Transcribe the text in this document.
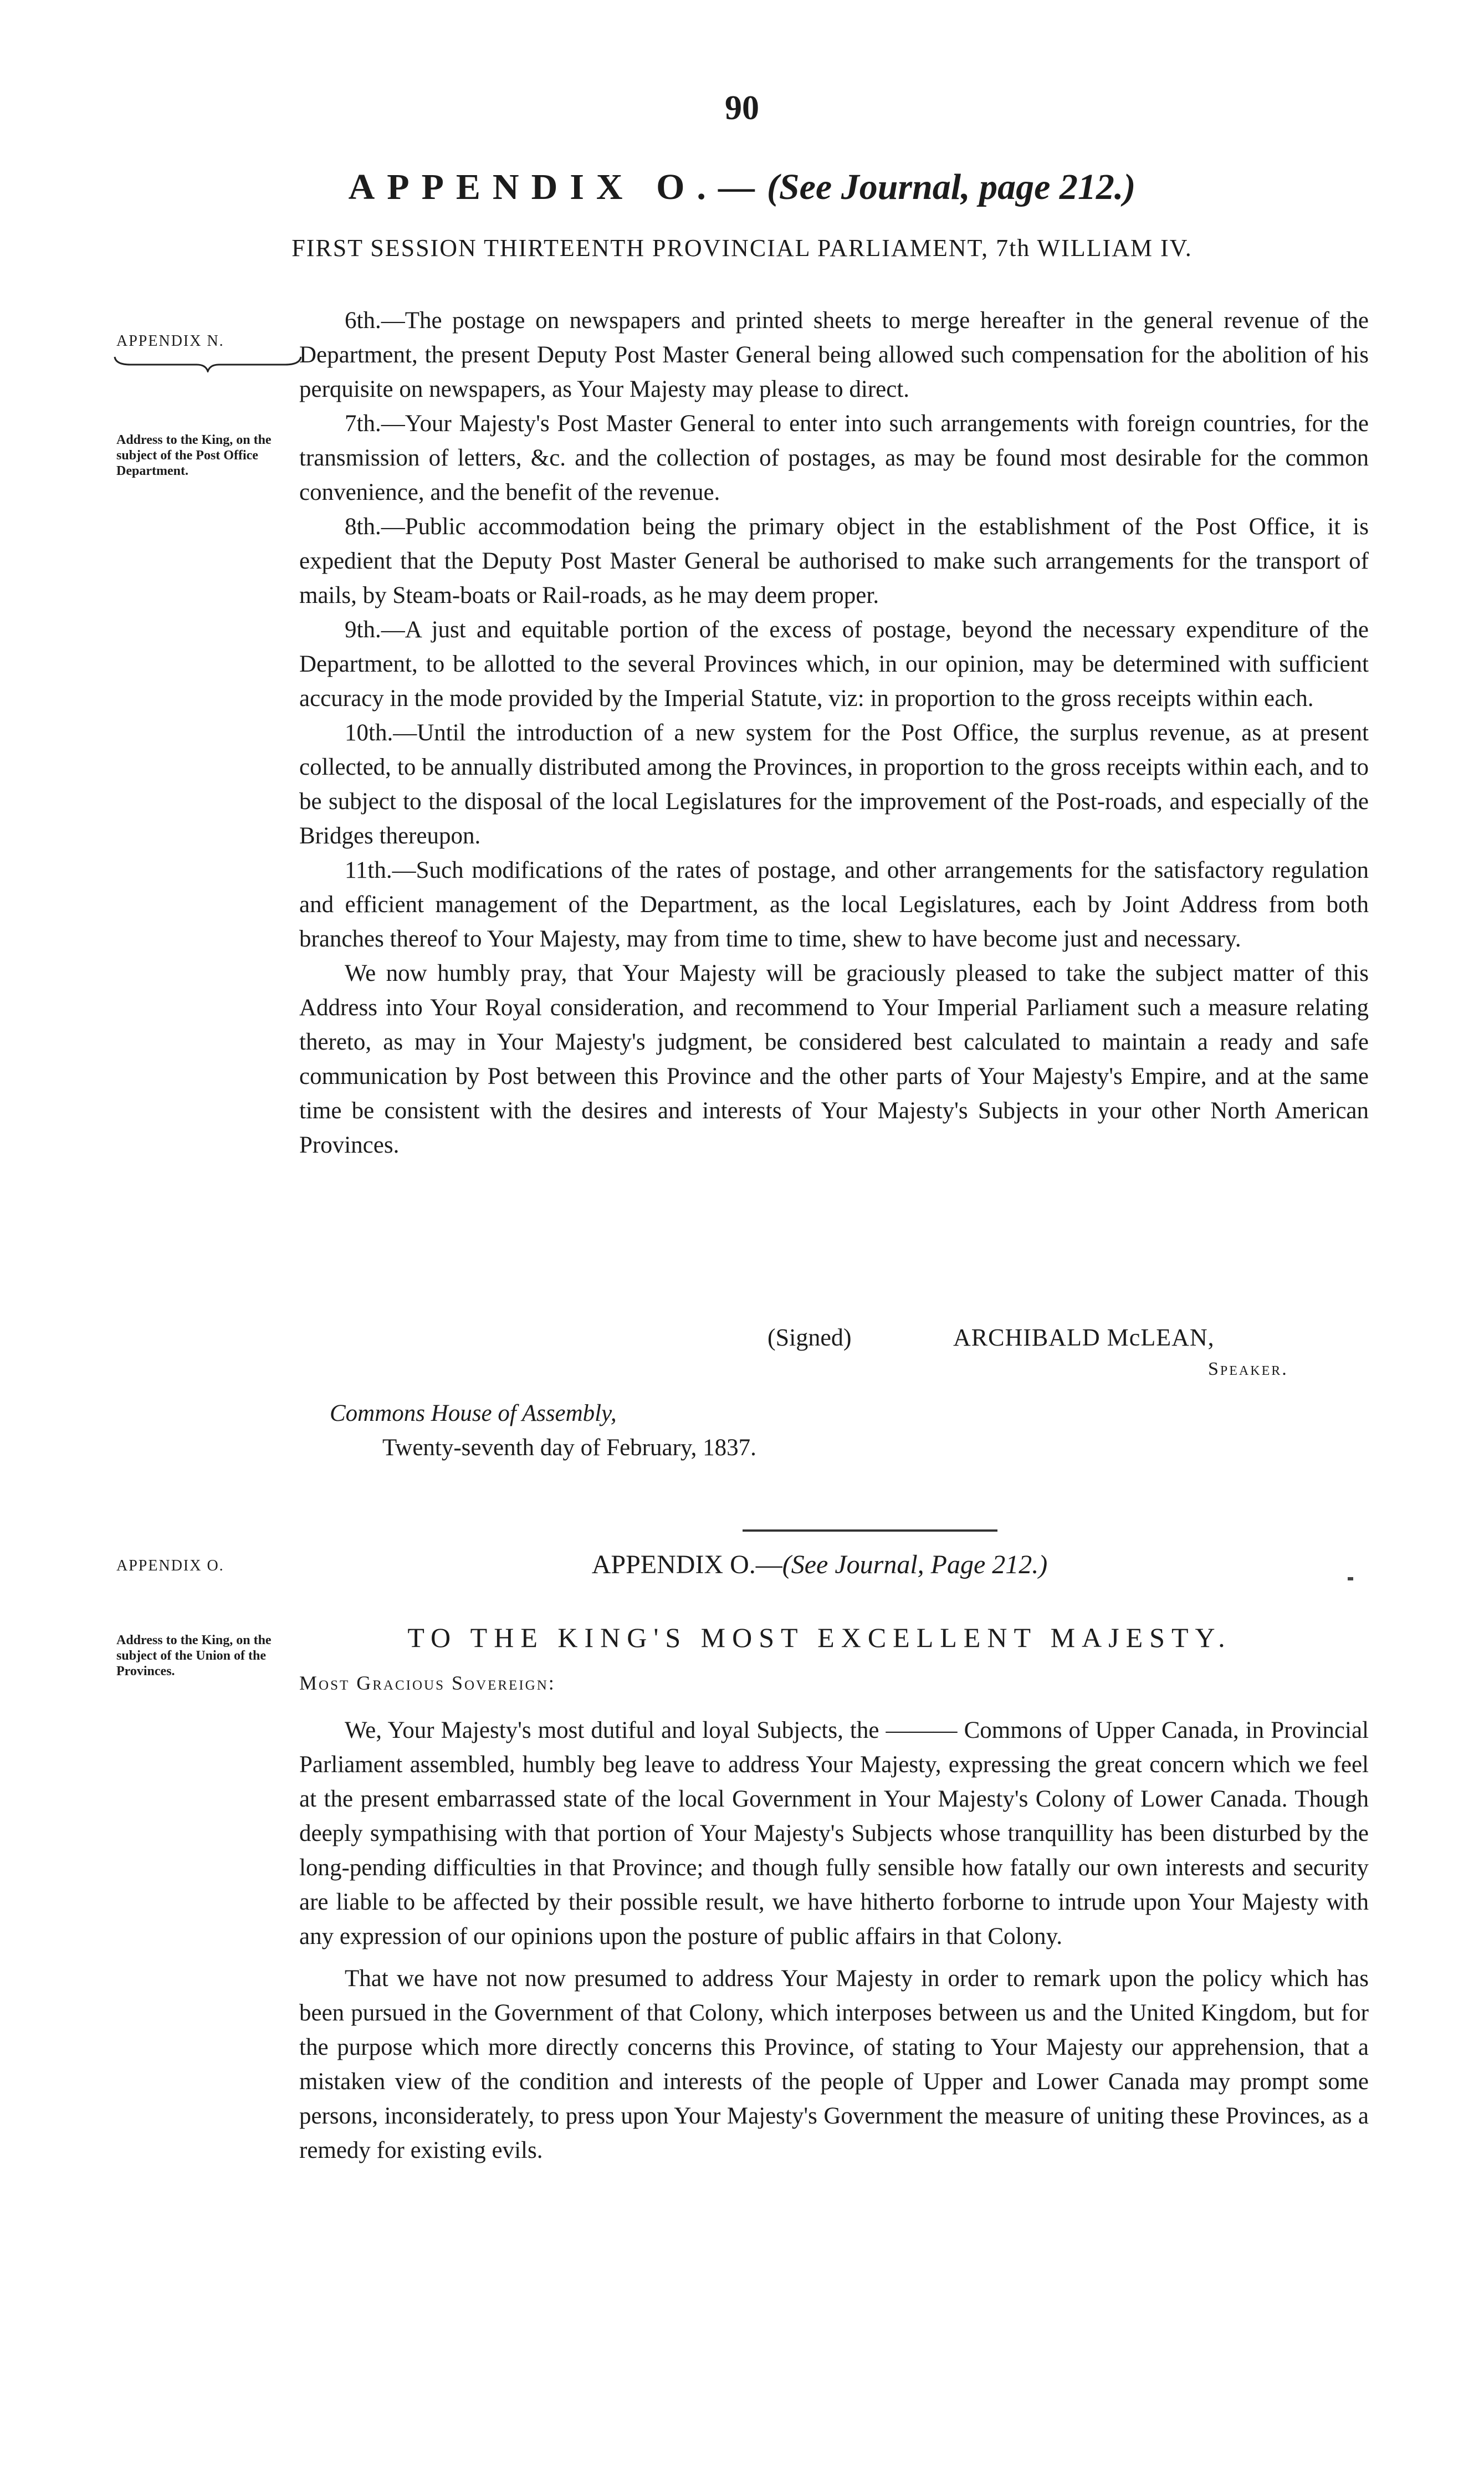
90
APPENDIX O.—(See Journal, page 212.)
FIRST SESSION THIRTEENTH PROVINCIAL PARLIAMENT, 7th WILLIAM IV.
APPENDIX N.
Address to the King, on the subject of the Post Office Department.

6th.—The postage on newspapers and printed sheets to merge hereafter in the general revenue of the Department, the present Deputy Post Master General being allowed such compensation for the abolition of his perquisite on newspapers, as Your Majesty may please to direct.

7th.—Your Majesty's Post Master General to enter into such arrangements with foreign countries, for the transmission of letters, &c. and the collection of postages, as may be found most desirable for the common convenience, and the benefit of the revenue.

8th.—Public accommodation being the primary object in the establishment of the Post Office, it is expedient that the Deputy Post Master General be authorised to make such arrangements for the transport of mails, by Steam-boats or Rail-roads, as he may deem proper.

9th.—A just and equitable portion of the excess of postage, beyond the necessary expenditure of the Department, to be allotted to the several Provinces which, in our opinion, may be determined with sufficient accuracy in the mode provided by the Imperial Statute, viz: in proportion to the gross receipts within each.

10th.—Until the introduction of a new system for the Post Office, the surplus revenue, as at present collected, to be annually distributed among the Provinces, in proportion to the gross receipts within each, and to be subject to the disposal of the local Legislatures for the improvement of the Post-roads, and especially of the Bridges thereupon.

11th.—Such modifications of the rates of postage, and other arrangements for the satisfactory regulation and efficient management of the Department, as the local Legislatures, each by Joint Address from both branches thereof to Your Majesty, may from time to time, shew to have become just and necessary.

We now humbly pray, that Your Majesty will be graciously pleased to take the subject matter of this Address into Your Royal consideration, and recommend to Your Imperial Parliament such a measure relating thereto, as may in Your Majesty's judgment, be considered best calculated to maintain a ready and safe communication by Post between this Province and the other parts of Your Majesty's Empire, and at the same time be consistent with the desires and interests of Your Majesty's Subjects in your other North American Provinces.

(Signed)	ARCHIBALD McLEAN,
Speaker.
Commons House of Assembly,
Twenty-seventh day of February, 1837.
APPENDIX O.
Address to the King, on the subject of the Union of the Provinces.
APPENDIX O.—(See Journal, Page 212.)
TO THE KING'S MOST EXCELLENT MAJESTY.
Most Gracious Sovereign:

We, Your Majesty's most dutiful and loyal Subjects, the ——— Commons of Upper Canada, in Provincial Parliament assembled, humbly beg leave to address Your Majesty, expressing the great concern which we feel at the present embarrassed state of the local Government in Your Majesty's Colony of Lower Canada. Though deeply sympathising with that portion of Your Majesty's Subjects whose tranquillity has been disturbed by the long-pending difficulties in that Province; and though fully sensible how fatally our own interests and security are liable to be affected by their possible result, we have hitherto forborne to intrude upon Your Majesty with any expression of our opinions upon the posture of public affairs in that Colony.

That we have not now presumed to address Your Majesty in order to remark upon the policy which has been pursued in the Government of that Colony, which interposes between us and the United Kingdom, but for the purpose which more directly concerns this Province, of stating to Your Majesty our apprehension, that a mistaken view of the condition and interests of the people of Upper and Lower Canada may prompt some persons, inconsiderately, to press upon Your Majesty's Government the measure of uniting these Provinces, as a remedy for existing evils.
